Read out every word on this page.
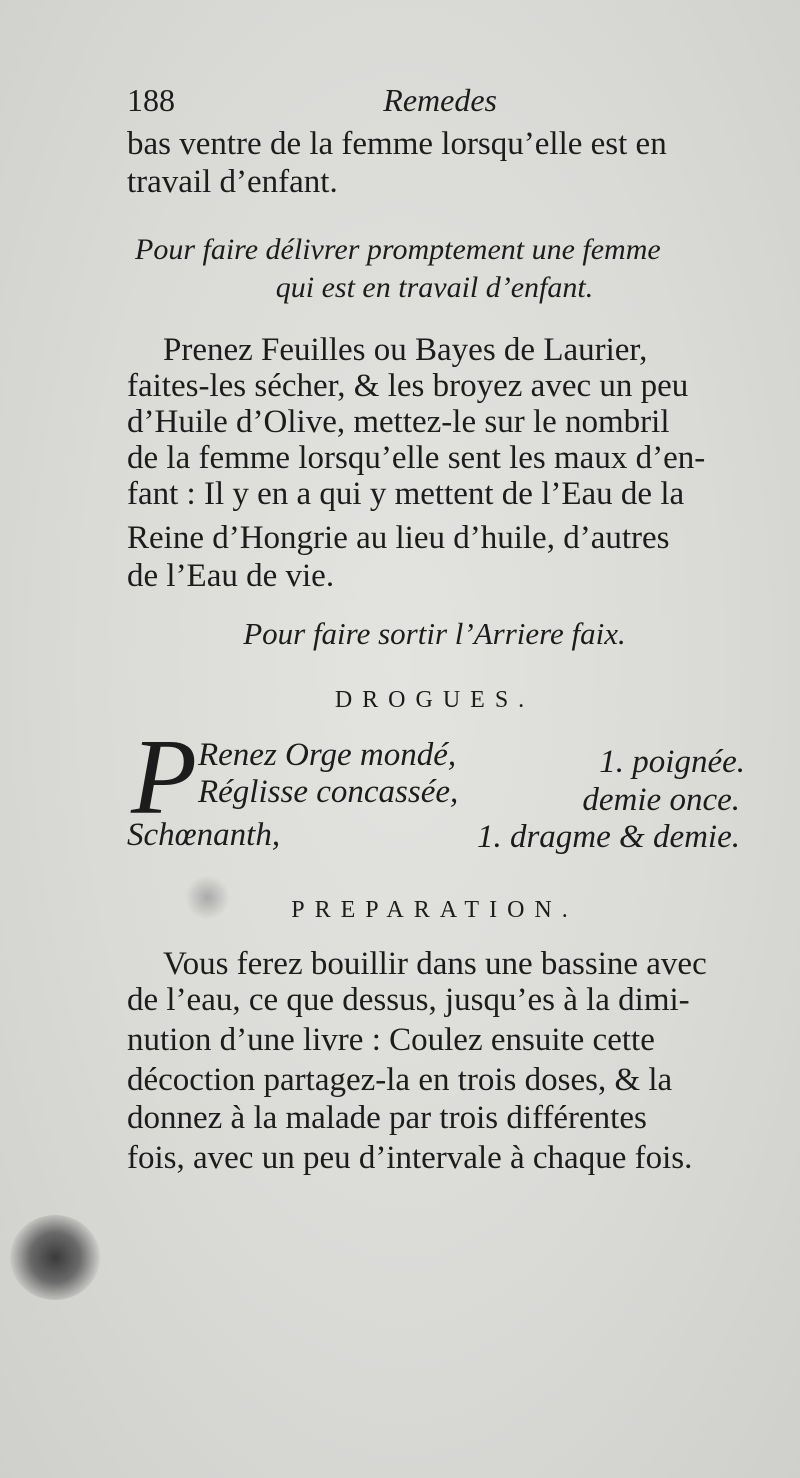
188	Remedes
bas ventre de la femme lorsqu’elle est en
travail d’enfant.
Pour faire délivrer promptement une femme
qui est en travail d’enfant.
Prenez Feuilles ou Bayes de Laurier,
faites-les sécher, & les broyez avec un peu
d’Huile d’Olive, mettez-le sur le nombril
de la femme lorsqu’elle sent les maux d’en-
fant : Il y en a qui y mettent de l’Eau de la
Reine d’Hongrie au lieu d’huile, d’autres
de l’Eau de vie.
Pour faire sortir l’Arriere faix.
DROGUES.
P Renez Orge mondé,	1. poignée.
Réglisse concassée,	demie once.
Schœnanth,	1. dragme & demie.
PREPARATION.
Vous ferez bouillir dans une bassine avec
de l’eau, ce que dessus, jusqu’es à la dimi-
nution d’une livre : Coulez ensuite cette
décoction partagez-la en trois doses, & la
donnez à la malade par trois différentes
fois, avec un peu d’intervale à chaque fois.
